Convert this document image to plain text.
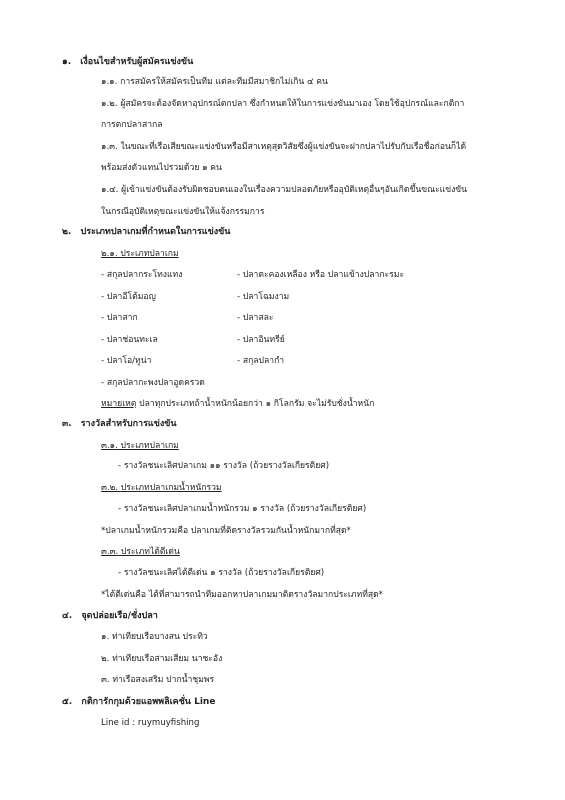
๑. เงื่อนไขสำหรับผู้สมัครแข่งขัน
๑.๑. การสมัครให้สมัครเป็นทีม แต่ละทีมมีสมาชิกไม่เกิน ๔ คน
๑.๒. ผู้สมัครจะต้องจัดหาอุปกรณ์ตกปลา ซึ่งกำหนดให้ในการแข่งขันมาเอง โดยใช้อุปกรณ์และกติกา
การตกปลาสากล
๑.๓. ในขณะที่เรือเสียขณะแข่งขันหรือมีสาเหตุสุดวิสัยซึ่งผู้แข่งขันจะฝากปลาไปรับกับเรือชื่อก่อนก็ได้
พร้อมส่งตัวแทนไปรวมด้วย ๑ คน
๑.๔. ผู้เข้าแข่งขันต้องรับผิดชอบตนเองในเรื่องความปลอดภัยหรืออุบัติเหตุอื่นๆอันเกิดขึ้นขณะแข่งขัน
ในกรณีอุบัติเหตุขณะแข่งขันให้แจ้งกรรมการ
๒. ประเภทปลาเกมที่กำหนดในการแข่งขัน
๒.๑. ประเภทปลาเกม
- สกุลปลากระโทงแทง
- ปลาอีโต้มอญ
- ปลาสาก
- ปลาช่อนทะเล
- ปลาโอ/ทูน่า
- สกุลปลากะพงปลาอูดครวด
- ปลาตะคองเหลือง หรือ ปลาแข้างปลากะรมะ
- ปลาโฉมงาม
- ปลาสละ
- ปลาอินทรีย์
- สกุลปลากำ
หมายเหตุ ปลาทุกประเภทถ้าน้ำหนักน้อยกว่า ๑ กิโลกรัม จะไม่รับชั่งน้ำหนัก
๓. รางวัลสำหรับการแข่งขัน
๓.๑. ประเภทปลาเกม
- รางวัลชนะเลิศปลาเกม ๑๑ รางวัล (ถ้วยรางวัลเกียรติยศ)
๓.๒. ประเภทปลาเกมน้ำหนักรวม
- รางวัลชนะเลิศปลาเกมน้ำหนักรวม ๑ รางวัล (ถ้วยรางวัลเกียรติยศ)
*ปลาเกมน้ำหนักรวมคือ ปลาเกมที่ติดรางวัลรวมกันน้ำหนักมากที่สุด*
๓.๓. ประเภทไต้ตีเด่น
- รางวัลชนะเลิศไต้ตีเด่น ๑ รางวัล (ถ้วยรางวัลเกียรติยศ)
*ไต้ตีเด่นคือ ไต้ที่สามารถนำทีมออกหาปลาเกมมาติดรางวัลมากประเภทที่สุด*
๔. จุดปล่อยเรือ/ชั่งปลา
๑. ท่าเทียบเรือบางสน ประทิว
๒. ท่าเทียบเรือสามเสียม นาชะอัง
๓. ท่าเรือสงเสริม ปากน้ำชุมพร
๕. กติการักกุมด้วยแอพพลิเคชั่น Line
Line id : ruymuyfishing
